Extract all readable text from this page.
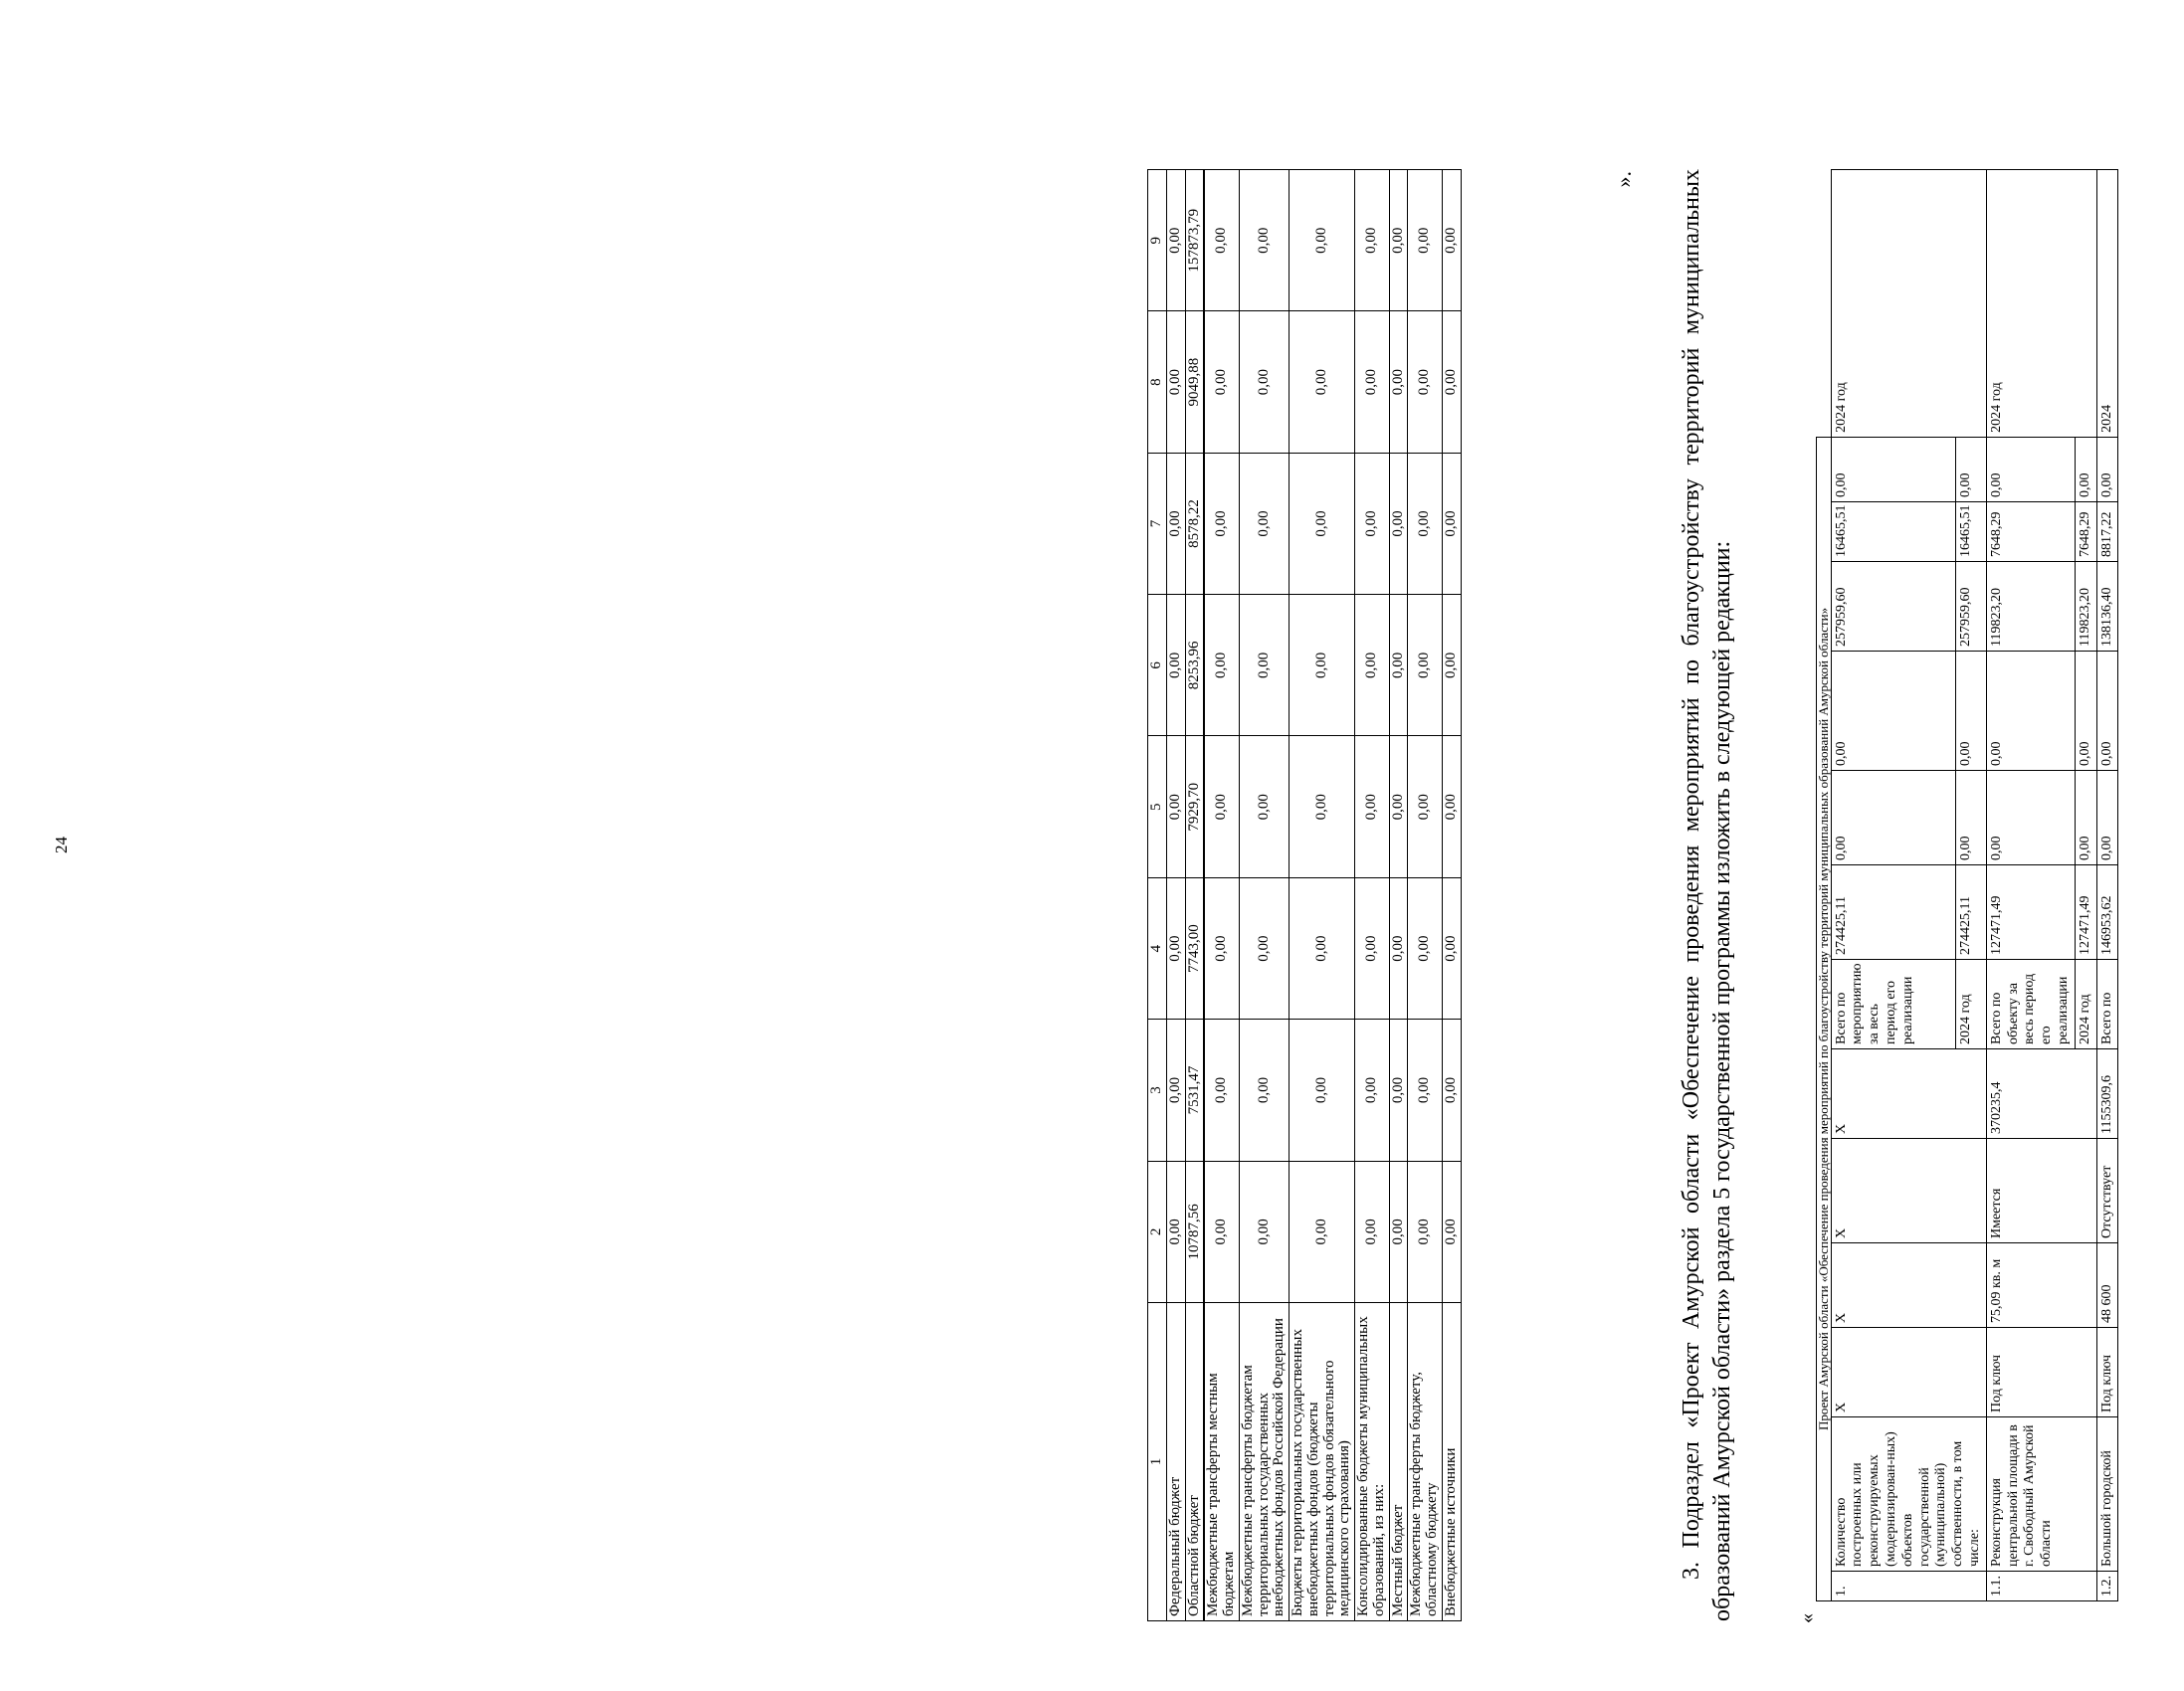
24
1	2	3	4	5	6	7	8	9
Федеральный бюджет	0,00	0,00	0,00	0,00	0,00	0,00	0,00	0,00
Областной бюджет	10787,56	7531,47	7743,00	7929,70	8253,96	8578,22	9049,88	157873,79
Межбюджетные трансферты местным бюджетам	0,00	0,00	0,00	0,00	0,00	0,00	0,00	0,00
Межбюджетные трансферты бюджетам территориальных государственных внебюджетных фондов Российской Федерации	0,00	0,00	0,00	0,00	0,00	0,00	0,00	0,00
Бюджеты территориальных государственных внебюджетных фондов (бюджеты территориальных фондов обязательного медицинского страхования)	0,00	0,00	0,00	0,00	0,00	0,00	0,00	0,00
Консолидированные бюджеты муниципальных образований, из них:	0,00	0,00	0,00	0,00	0,00	0,00	0,00	0,00
Местный бюджет	0,00	0,00	0,00	0,00	0,00	0,00	0,00	0,00
Межбюджетные трансферты бюджету, областному бюджету	0,00	0,00	0,00	0,00	0,00	0,00	0,00	0,00
Внебюджетные источники	0,00	0,00	0,00	0,00	0,00	0,00	0,00	0,00
». 3. Подраздел «Проект Амурской области «Обеспечение проведения мероприятий по благоустройству территорий муниципальных образований Амурской области» раздела 5 государственной программы изложить в следующей редакции:	«
Проект Амурской области «Обеспечение проведения мероприятий по благоустройству территорий муниципальных образований Амурской области»													
1.	Количество построенных или реконструируемых (модернизирован-ных) объектов государственной (муниципальной) собственности, в том числе:	Х	Х	Х	Х	Всего по мероприятию за весь период его реализации	274425,11	0,00	0,00	257959,60	16465,51	0,00	2024 год
						2024 год	274425,11	0,00	0,00	257959,60	16465,51	0,00	
1.1.	Реконструкция центральной площади в г. Свободный Амурской области	Под ключ	75,09 кв. м	Имеется	370235,4	Всего по объекту за весь период его реализации	127471,49	0,00	0,00	119823,20	7648,29	0,00	2024 год
						2024 год	127471,49	0,00	0,00	119823,20	7648,29	0,00	
1.2.	Большой городской	Под ключ	48 600	Отсутствует	1155309,6	Всего по	146953,62	0,00	0,00	138136,40	8817,22	0,00	2024
